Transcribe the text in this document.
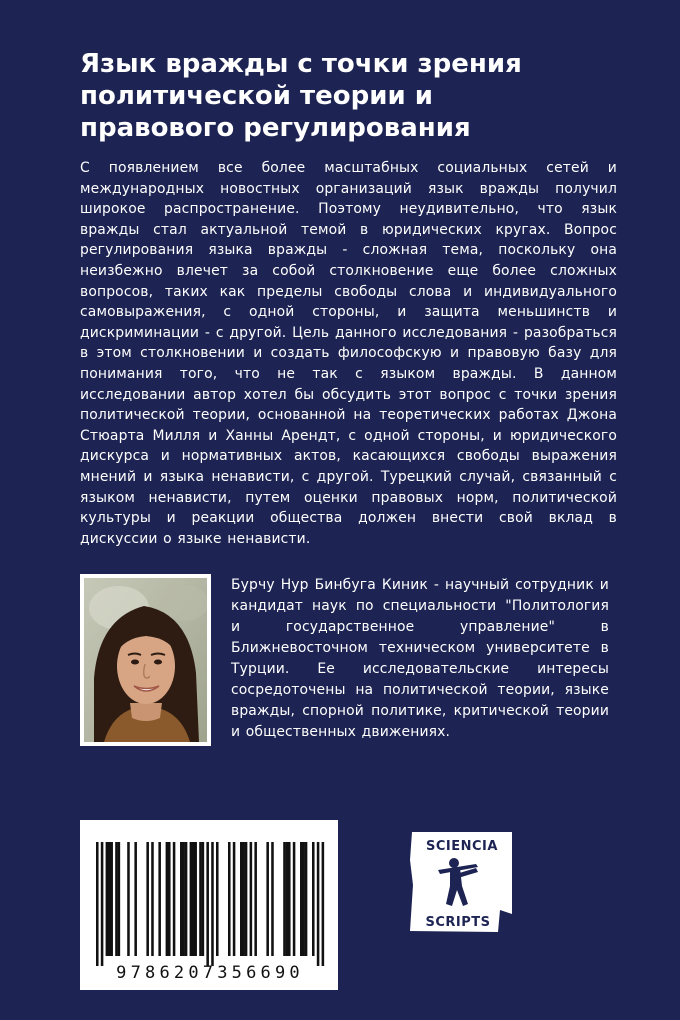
Язык вражды с точки зрения
политической теории и
правового регулирования

С появлением все более масштабных социальных сетей и международных новостных организаций язык вражды получил широкое распространение. Поэтому неудивительно, что язык вражды стал актуальной темой в юридических кругах. Вопрос регулирования языка вражды - сложная тема, поскольку она неизбежно влечет за собой столкновение еще более сложных вопросов, таких как пределы свободы слова и индивидуального самовыражения, с одной стороны, и защита меньшинств и дискриминации - с другой. Цель данного исследования - разобраться в этом столкновении и создать философскую и правовую базу для понимания того, что не так с языком вражды. В данном исследовании автор хотел бы обсудить этот вопрос с точки зрения политической теории, основанной на теоретических работах Джона Стюарта Милля и Ханны Арендт, с одной стороны, и юридического дискурса и нормативных актов, касающихся свободы выражения мнений и языка ненависти, с другой. Турецкий случай, связанный с языком ненависти, путем оценки правовых норм, политической культуры и реакции общества должен внести свой вклад в дискуссии о языке ненависти.

Бурчу Нур Бинбуга Киник - научный сотрудник и кандидат наук по специальности "Политология и государственное управление" в Ближневосточном техническом университете в Турции. Ее исследовательские интересы сосредоточены на политической теории, языке вражды, спорной политике, критической теории и общественных движениях.

9786207356690
SCIENCIA
SCRIPTS
